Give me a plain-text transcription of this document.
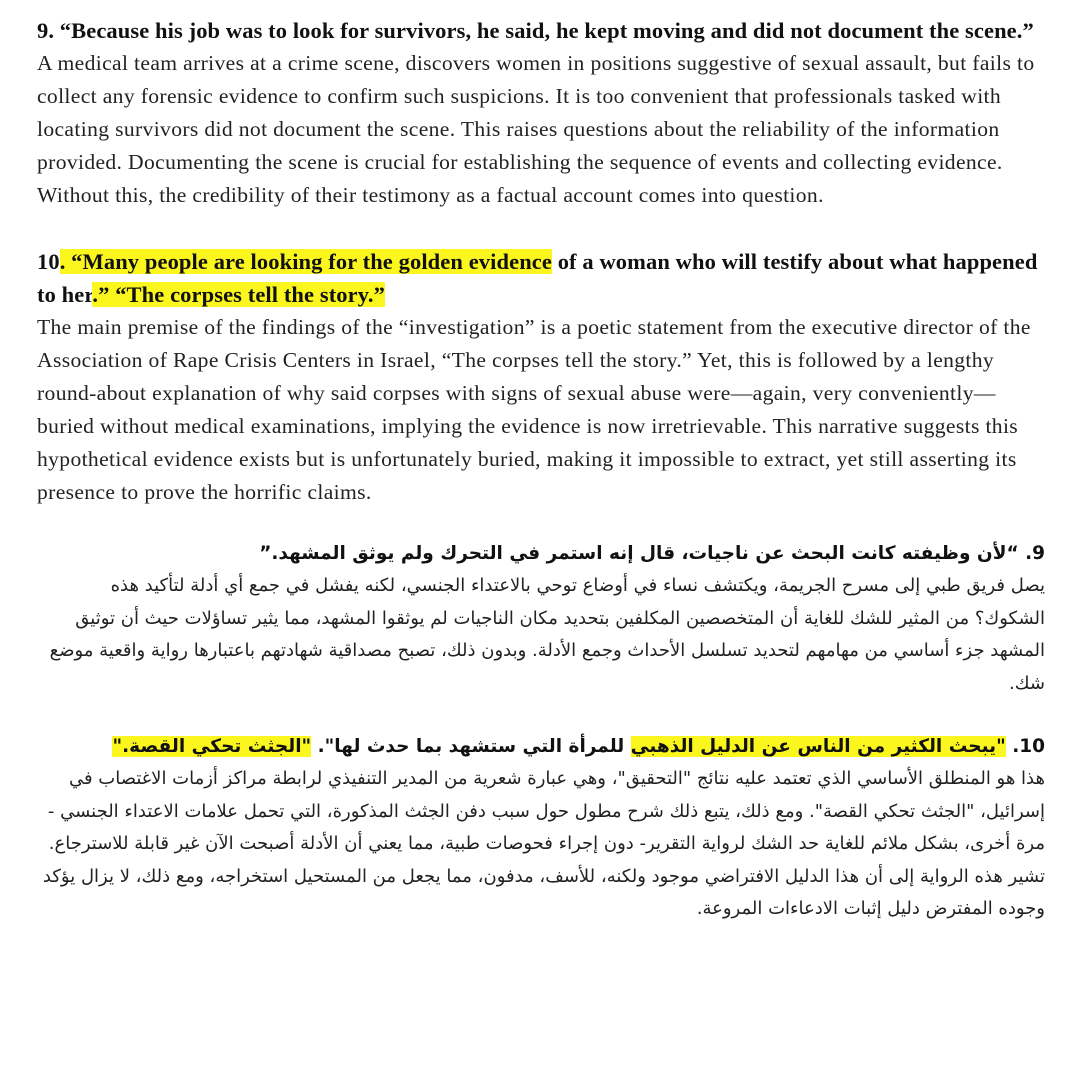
9. “Because his job was to look for survivors, he said, he kept moving and did not document the scene.”

A medical team arrives at a crime scene, discovers women in positions suggestive of sexual assault, but fails to collect any forensic evidence to confirm such suspicions. It is too convenient that professionals tasked with locating survivors did not document the scene. This raises questions about the reliability of the information provided. Documenting the scene is crucial for establishing the sequence of events and collecting evidence. Without this, the credibility of their testimony as a factual account comes into question.

10. “Many people are looking for the golden evidence of a woman who will testify about what happened to her.” “The corpses tell the story.”

The main premise of the findings of the “investigation” is a poetic statement from the executive director of the Association of Rape Crisis Centers in Israel, “The corpses tell the story.” Yet, this is followed by a lengthy round-about explanation of why said corpses with signs of sexual abuse were—again, very conveniently— buried without medical examinations, implying the evidence is now irretrievable. This narrative suggests this hypothetical evidence exists but is unfortunately buried, making it impossible to extract, yet still asserting its presence to prove the horrific claims.

9. “لأن وظيفته كانت البحث عن ناجيات، قال إنه استمر في التحرك ولم يوثق المشهد.”

يصل فريق طبي إلى مسرح الجريمة، ويكتشف نساء في أوضاع توحي بالاعتداء الجنسي، لكنه يفشل في جمع أي أدلة لتأكيد هذه الشكوك؟ من المثير للشك للغاية أن المتخصصين المكلفين بتحديد مكان الناجيات لم يوثقوا المشهد، مما يثير تساؤلات حيث أن توثيق المشهد جزء أساسي من مهامهم لتحديد تسلسل الأحداث وجمع الأدلة. وبدون ذلك، تصبح مصداقية شهادتهم باعتبارها رواية واقعية موضع شك.

10. "يبحث الكثير من الناس عن الدليل الذهبي للمرأة التي ستشهد بما حدث لها". "الجثث تحكي القصة."

هذا هو المنطلق الأساسي الذي تعتمد عليه نتائج "التحقيق"، وهي عبارة شعرية من المدير التنفيذي لرابطة مراكز أزمات الاغتصاب في إسرائيل، "الجثث تحكي القصة". ومع ذلك، يتبع ذلك شرح مطول حول سبب دفن الجثث المذكورة، التي تحمل علامات الاعتداء الجنسي - مرة أخرى، بشكل ملائم للغاية حد الشك لرواية التقرير- دون إجراء فحوصات طبية، مما يعني أن الأدلة أصبحت الآن غير قابلة للاسترجاع.

تشير هذه الرواية إلى أن هذا الدليل الافتراضي موجود ولكنه، للأسف، مدفون، مما يجعل من المستحيل استخراجه، ومع ذلك، لا يزال يؤكد وجوده المفترض دليل إثبات الادعاءات المروعة.
